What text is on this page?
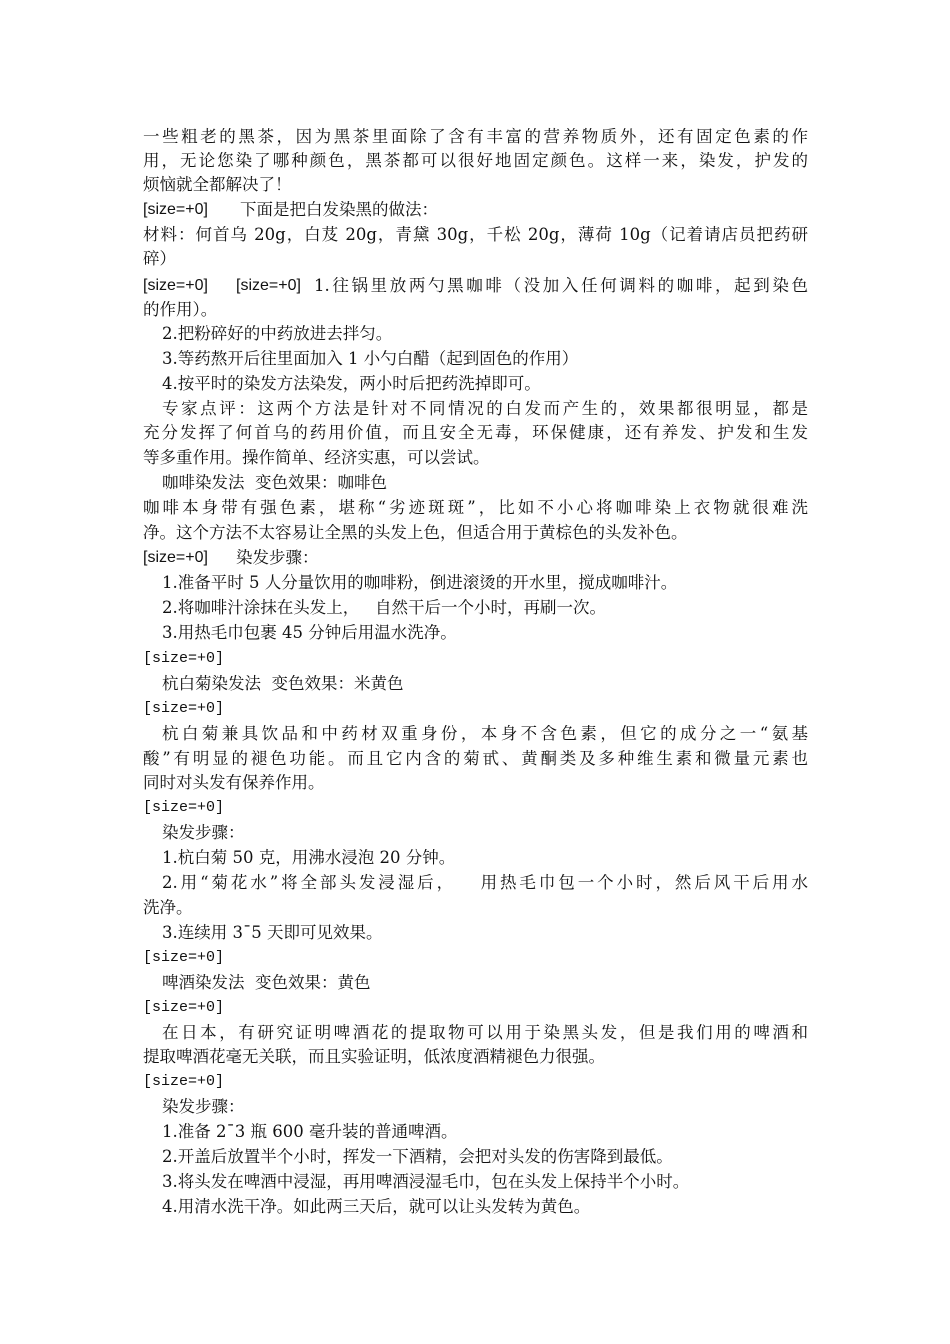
一些粗老的黑茶，因为黑茶里面除了含有丰富的营养物质外，还有固定色素的作
用，无论您染了哪种颜色，黑茶都可以很好地固定颜色。这样一来，染发，护发的
烦恼就全都解决了！
[size=+0]	下面是把白发染黑的做法：
材料：何首乌 20g，白芨 20g，青黛 30g，千松 20g，薄荷 10g（记着请店员把药研
碎）
[size=+0]	[size=+0] 1.往锅里放两勺黑咖啡（没加入任何调料的咖啡，起到染色
的作用）。
2.把粉碎好的中药放进去拌匀。
3.等药熬开后往里面加入 1 小勺白醋（起到固色的作用）
4.按平时的染发方法染发，两小时后把药洗掉即可。
专家点评：这两个方法是针对不同情况的白发而产生的，效果都很明显，都是
充分发挥了何首乌的药用价值，而且安全无毒，环保健康，还有养发、护发和生发
等多重作用。操作简单、经济实惠，可以尝试。
咖啡染发法  变色效果：咖啡色
咖啡本身带有强色素，堪称“劣迹斑斑”，比如不小心将咖啡染上衣物就很难洗
净。这个方法不太容易让全黑的头发上色，但适合用于黄棕色的头发补色。
[size=+0]	染发步骤：
1.准备平时 5 人分量饮用的咖啡粉，倒进滚烫的开水里，搅成咖啡汁。
2.将咖啡汁涂抹在头发上，   自然干后一个小时，再刷一次。
3.用热毛巾包裹 45 分钟后用温水洗净。
[size=+0]
杭白菊染发法  变色效果：米黄色
[size=+0]
杭白菊兼具饮品和中药材双重身份，本身不含色素，但它的成分之一“氨基
酸”有明显的褪色功能。而且它内含的菊甙、黄酮类及多种维生素和微量元素也
同时对头发有保养作用。
[size=+0]
染发步骤：
1.杭白菊 50 克，用沸水浸泡 20 分钟。
2.用“菊花水”将全部头发浸湿后，   用热毛巾包一个小时，然后风干后用水
洗净。
3.连续用 3¯5 天即可见效果。
[size=+0]
啤酒染发法  变色效果：黄色
[size=+0]
在日本，有研究证明啤酒花的提取物可以用于染黑头发，但是我们用的啤酒和
提取啤酒花毫无关联，而且实验证明，低浓度酒精褪色力很强。
[size=+0]
染发步骤：
1.准备 2¯3 瓶 600 毫升装的普通啤酒。
2.开盖后放置半个小时，挥发一下酒精，会把对头发的伤害降到最低。
3.将头发在啤酒中浸湿，再用啤酒浸湿毛巾，包在头发上保持半个小时。
4.用清水洗干净。如此两三天后，就可以让头发转为黄色。
